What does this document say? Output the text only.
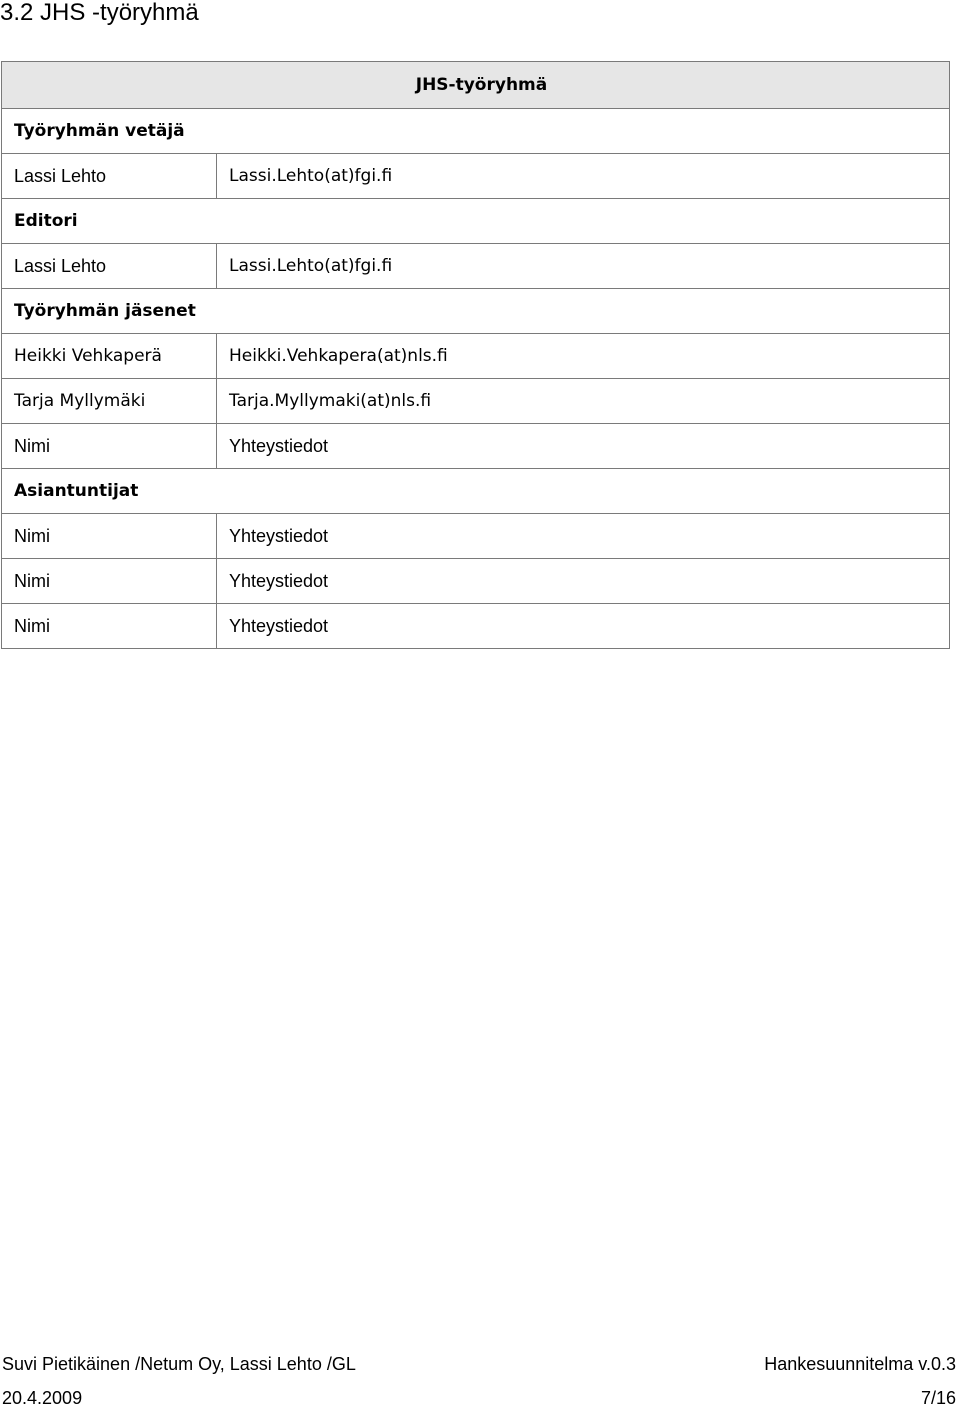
3.2 JHS -työryhmä
JHS-työryhmä	
Työryhmän vetäjä	
Lassi Lehto	Lassi.Lehto(at)fgi.fi
Editori	
Lassi Lehto	Lassi.Lehto(at)fgi.fi
Työryhmän jäsenet	
Heikki Vehkaperä	Heikki.Vehkapera(at)nls.fi
Tarja Myllymäki	Tarja.Myllymaki(at)nls.fi
Nimi	Yhteystiedot
Asiantuntijat	
Nimi	Yhteystiedot
Nimi	Yhteystiedot
Nimi	Yhteystiedot
Suvi Pietikäinen /Netum Oy, Lassi Lehto /GL	Hankesuunnitelma v.0.3
20.4.2009	7/16
